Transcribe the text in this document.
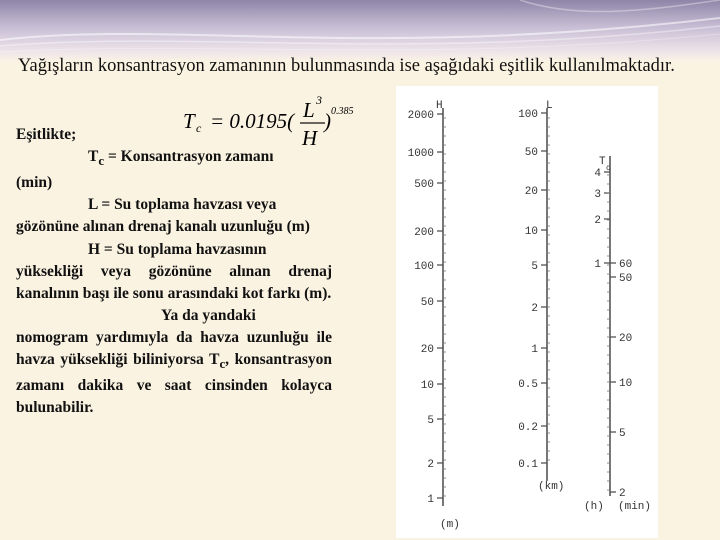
Yağışların konsantrasyon zamanının bulunmasında ise aşağıdaki eşitlik kullanılmaktadır.
T c = 0.0195( L 3
H
) 0.385

Eşitlikte;

$T_c$ = Konsantrasyon zamanı

(min)

L = Su toplama havzası veya

gözönüne alınan drenaj kanalı uzunluğu (m)

H = Su toplama havzasının

yüksekliği veya gözönüne alınan drenaj kanalının başı ile sonu arasındaki kot farkı (m).

Ya da yandaki

nomogram yardımıyla da havza uzunluğu ile havza yüksekliği biliniyorsa $T_c$, konsantrasyon zamanı dakika ve saat cinsinden kolayca bulunabilir.

H	L
T
c
(m)
(km)
(h) (min)
2000
1000
500
200
100
50
20
10
5
2
1
100
50
20
10
5
2
1
0.5
0.2
0.1
4
3
2
1 60
50
20
10
5
2
